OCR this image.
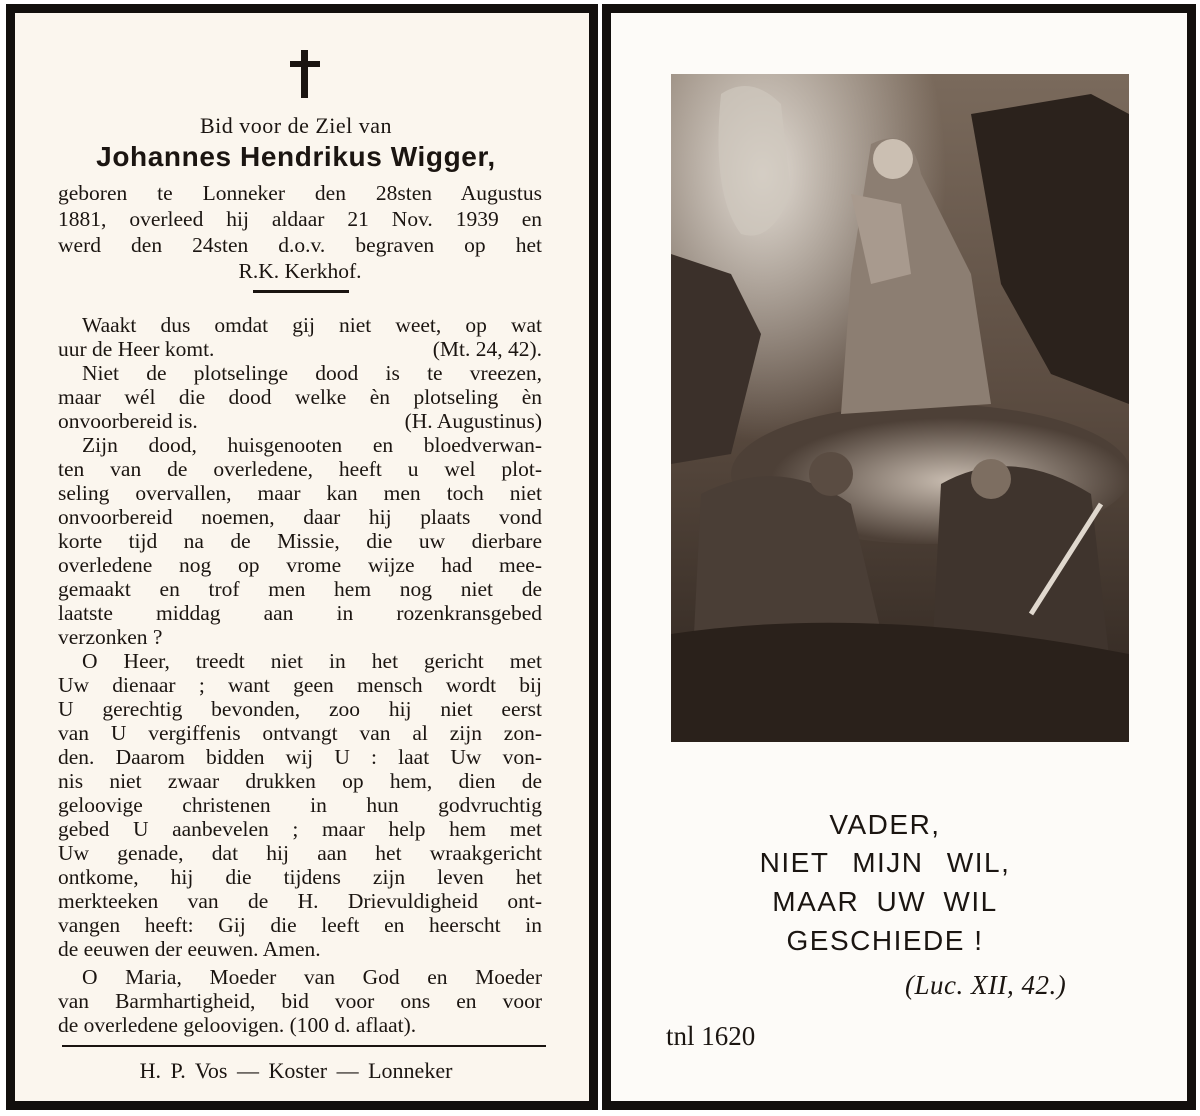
Bid voor de Ziel van
Johannes Hendrikus Wigger,
geboren te Lonneker den 28sten Augustus
1881, overleed hij aldaar 21 Nov. 1939 en
werd den 24sten d.o.v. begraven op het
R.K. Kerkhof.
Waakt dus omdat gij niet weet, op wat
uur de Heer komt.	(Mt. 24, 42).
Niet de plotselinge dood is te vreezen,
maar wél die dood welke èn plotseling èn
onvoorbereid is.	(H. Augustinus)
Zijn dood, huisgenooten en bloedverwan-
ten van de overledene, heeft u wel plot-
seling overvallen, maar kan men toch niet
onvoorbereid noemen, daar hij plaats vond
korte tijd na de Missie, die uw dierbare
overledene nog op vrome wijze had mee-
gemaakt en trof men hem nog niet de
laatste middag aan in rozenkransgebed
verzonken ?
O Heer, treedt niet in het gericht met
Uw dienaar ; want geen mensch wordt bij
U gerechtig bevonden, zoo hij niet eerst
van U vergiffenis ontvangt van al zijn zon-
den. Daarom bidden wij U : laat Uw von-
nis niet zwaar drukken op hem, dien de
geloovige christenen in hun godvruchtig
gebed U aanbevelen ; maar help hem met
Uw genade, dat hij aan het wraakgericht
ontkome, hij die tijdens zijn leven het
merkteeken van de H. Drievuldigheid ont-
vangen heeft: Gij die leeft en heerscht in
de eeuwen der eeuwen. Amen.
O Maria, Moeder van God en Moeder
van Barmhartigheid, bid voor ons en voor
de overledene geloovigen. (100 d. aflaat).
H. P. Vos — Koster — Lonneker
VADER,
NIET MIJN WIL,
MAAR UW WIL
GESCHIEDE !
(Luc. XII, 42.)
tnl 1620
